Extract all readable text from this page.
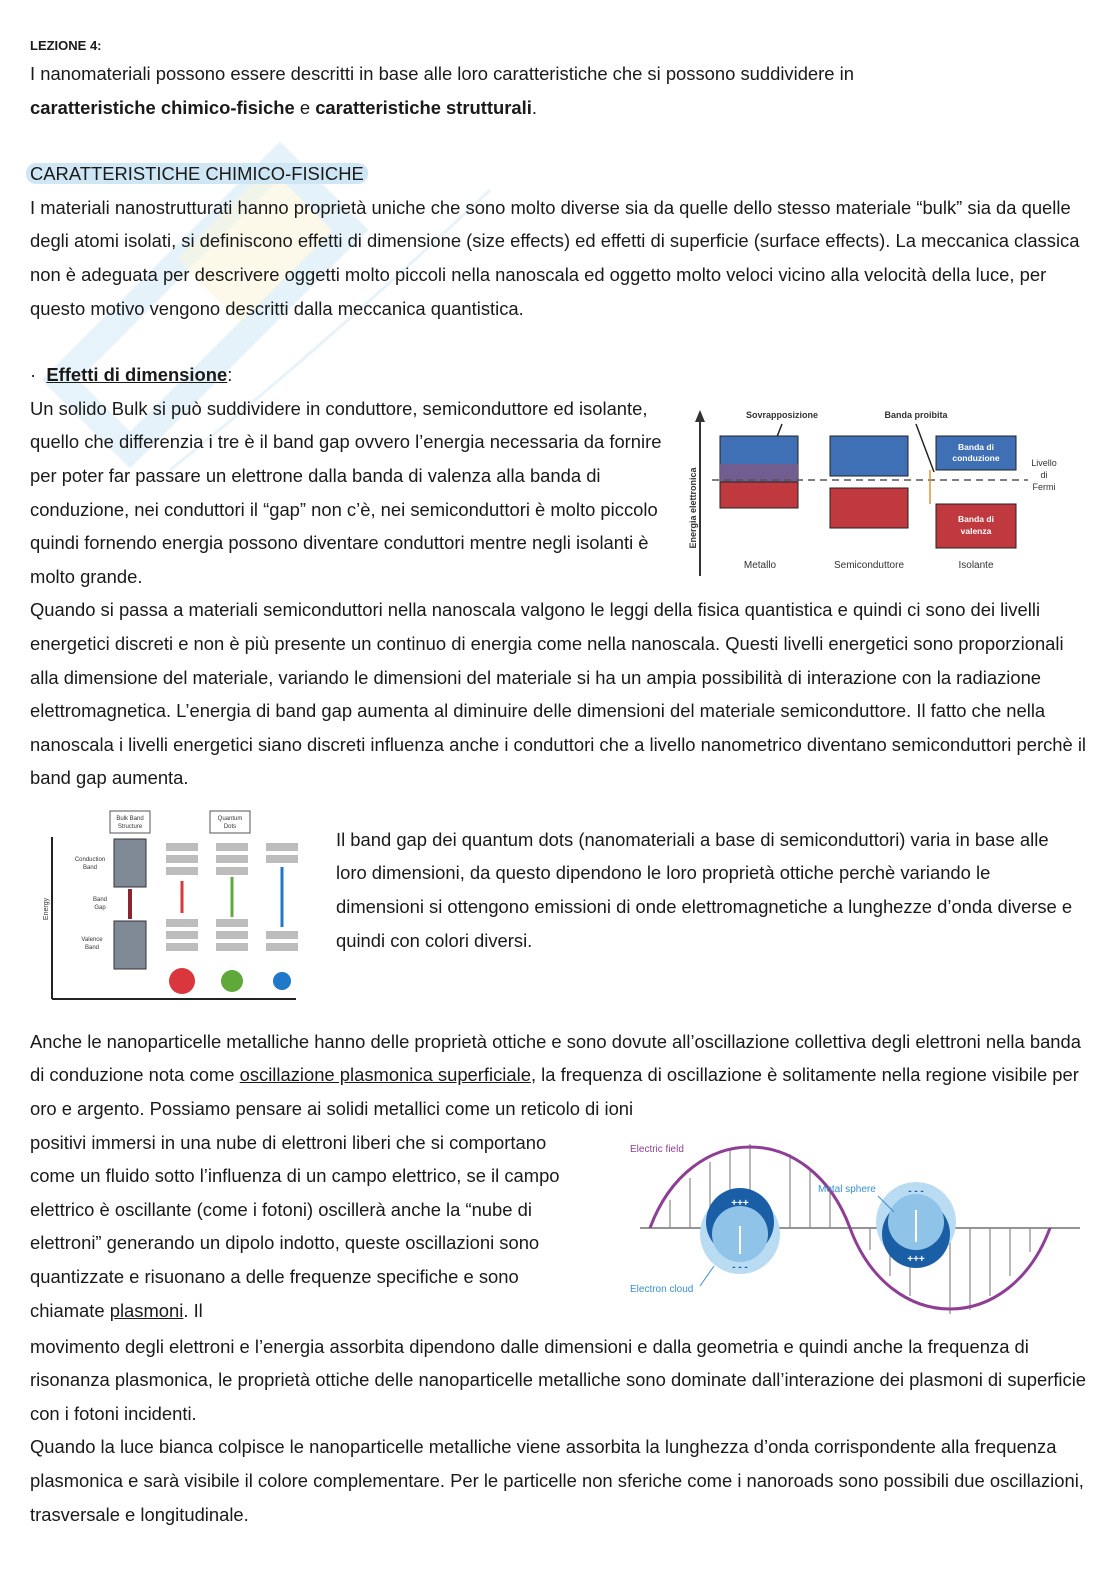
LEZIONE 4:

I nanomateriali possono essere descritti in base alle loro caratteristiche che si possono suddividere in
caratteristiche chimico-fisiche e caratteristiche strutturali.

CARATTERISTICHE CHIMICO-FISICHE

I materiali nanostrutturati hanno proprietà uniche che sono molto diverse sia da quelle dello stesso materiale “bulk” sia da quelle degli atomi isolati, si definiscono effetti di dimensione (size effects) ed effetti di superficie (surface effects). La meccanica classica non è adeguata per descrivere oggetti molto piccoli nella nanoscala ed oggetto molto veloci vicino alla velocità della luce, per questo motivo vengono descritti dalla meccanica quantistica.

· Effetti di dimensione:

Un solido Bulk si può suddividere in conduttore, semiconduttore ed isolante, quello che differenzia i tre è il band gap ovvero l’energia necessaria da fornire per poter far passare un elettrone dalla banda di valenza alla banda di conduzione, nei conduttori il “gap” non c’è, nei semiconduttori è molto piccolo quindi fornendo energia possono diventare conduttori mentre negli isolanti è molto grande.

Energia elettronica
Sovrapposizione	Banda proibita
Banda di
conduzione
Banda di
valenza
Livello
di
Fermi
Metallo	Semiconduttore	Isolante

Quando si passa a materiali semiconduttori nella nanoscala valgono le leggi della fisica quantistica e quindi ci sono dei livelli energetici discreti e non è più presente un continuo di energia come nella nanoscala. Questi livelli energetici sono proporzionali alla dimensione del materiale, variando le dimensioni del materiale si ha un ampia possibilità di interazione con la radiazione elettromagnetica. L’energia di band gap aumenta al diminuire delle dimensioni del materiale semiconduttore. Il fatto che nella nanoscala i livelli energetici siano discreti influenza anche i conduttori che a livello nanometrico diventano semiconduttori perchè il band gap aumenta.

Energy
Bulk Band
Structure
Quantum
Dots
Conduction
Band
Band
Gap
Valence
Band

Il band gap dei quantum dots (nanomateriali a base di semiconduttori) varia in base alle loro dimensioni, da questo dipendono le loro proprietà ottiche perchè variando le dimensioni si ottengono emissioni di onde elettromagnetiche a lunghezze d’onda diverse e quindi con colori diversi.

Anche le nanoparticelle metalliche hanno delle proprietà ottiche e sono dovute all’oscillazione collettiva degli elettroni nella banda di conduzione nota come oscillazione plasmonica superficiale, la frequenza di oscillazione è solitamente nella regione visibile per oro e argento. Possiamo pensare ai solidi metallici come un reticolo di ioni

positivi immersi in una nube di elettroni liberi che si comportano come un fluido sotto l’influenza di un campo elettrico, se il campo elettrico è oscillante (come i fotoni) oscillerà anche la “nube di elettroni” generando un dipolo indotto, queste oscillazioni sono quantizzate e risuonano a delle frequenze specifiche e sono chiamate plasmoni. Il

Electric field
+++
- - -
- - -
+++
Metal sphere
Electron cloud

movimento degli elettroni e l’energia assorbita dipendono dalle dimensioni e dalla geometria e quindi anche la frequenza di risonanza plasmonica, le proprietà ottiche delle nanoparticelle metalliche sono dominate dall’interazione dei plasmoni di superficie con i fotoni incidenti.

Quando la luce bianca colpisce le nanoparticelle metalliche viene assorbita la lunghezza d’onda corrispondente alla frequenza plasmonica e sarà visibile il colore complementare. Per le particelle non sferiche come i nanoroads sono possibili due oscillazioni, trasversale e longitudinale.
